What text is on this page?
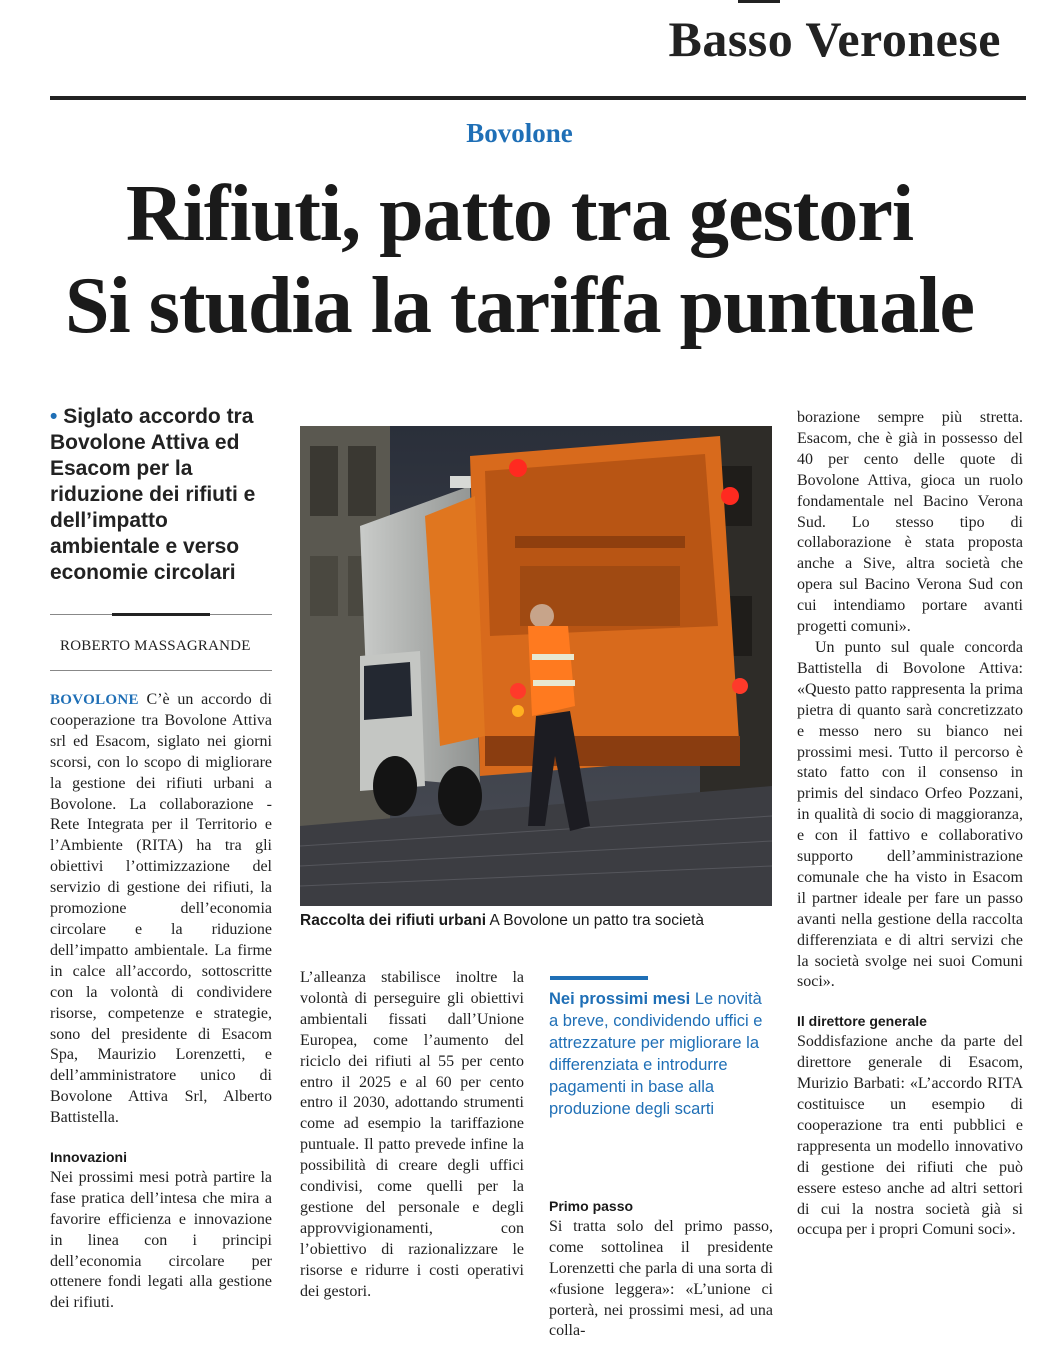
Basso Veronese
Bovolone
Rifiuti, patto tra gestori
Si studia la tariffa puntuale
• Siglato accordo tra Bovolone Attiva ed Esacom per la riduzione dei rifiuti e dell’impatto ambientale e verso economie circolari
ROBERTO MASSAGRANDE

BOVOLONE C’è un accordo di cooperazione tra Bovolone Attiva srl ed Esacom, siglato nei giorni scorsi, con lo scopo di migliorare la gestione dei rifiuti urbani a Bovolone. La collaborazione - Rete Integrata per il Territorio e l’Ambiente (RITA) ha tra gli obiettivi l’ottimizzazione del servizio di gestione dei rifiuti, la promozione dell’economia circolare e la riduzione dell’impatto ambientale. La firme in calce all’accordo, sottoscritte con la volontà di condividere risorse, competenze e strategie, sono del presidente di Esacom Spa, Maurizio Lorenzetti, e dell’amministratore unico di Bovolone Attiva Srl, Alberto Battistella.

Innovazioni

Nei prossimi mesi potrà partire la fase pratica dell’intesa che mira a favorire efficienza e innovazione in linea con i principi dell’economia circolare per ottenere fondi legati alla gestione dei rifiuti.

Raccolta dei rifiuti urbani A Bovolone un patto tra società

L’alleanza stabilisce inoltre la volontà di perseguire gli obiettivi ambientali fissati dall’Unione Europea, come l’aumento del riciclo dei rifiuti al 55 per cento entro il 2025 e al 60 per cento entro il 2030, adottando strumenti come ad esempio la tariffazione puntuale. Il patto prevede infine la possibilità di creare degli uffici condivisi, come quelli per la gestione del personale e degli approvvigionamenti, con l’obiettivo di razionalizzare le risorse e ridurre i costi operativi dei gestori.

Nei prossimi mesi Le novità a breve, condividendo uffici e attrezzature per migliorare la differenziata e introdurre pagamenti in base alla produzione degli scarti
Primo passo

Si tratta solo del primo passo, come sottolinea il presidente Lorenzetti che parla di una sorta di «fusione leggera»: «L’unione ci porterà, nei prossimi mesi, ad una colla-

borazione sempre più stretta. Esacom, che è già in possesso del 40 per cento delle quote di Bovolone Attiva, gioca un ruolo fondamentale nel Bacino Verona Sud. Lo stesso tipo di collaborazione è stata proposta anche a Sive, altra società che opera sul Bacino Verona Sud con cui intendiamo portare avanti progetti comuni».

Un punto sul quale concorda Battistella di Bovolone Attiva: «Questo patto rappresenta la prima pietra di quanto sarà concretizzato e messo nero su bianco nei prossimi mesi. Tutto il percorso è stato fatto con il consenso in primis del sindaco Orfeo Pozzani, in qualità di socio di maggioranza, e con il fattivo e collaborativo supporto dell’amministrazione comunale che ha visto in Esacom il partner ideale per fare un passo avanti nella gestione della raccolta differenziata e di altri servizi che la società svolge nei suoi Comuni soci».

Il direttore generale

Soddisfazione anche da parte del direttore generale di Esacom, Murizio Barbati: «L’accordo RITA costituisce un esempio di cooperazione tra enti pubblici e rappresenta un modello innovativo di gestione dei rifiuti che può essere esteso anche ad altri settori di cui la nostra società già si occupa per i propri Comuni soci».
